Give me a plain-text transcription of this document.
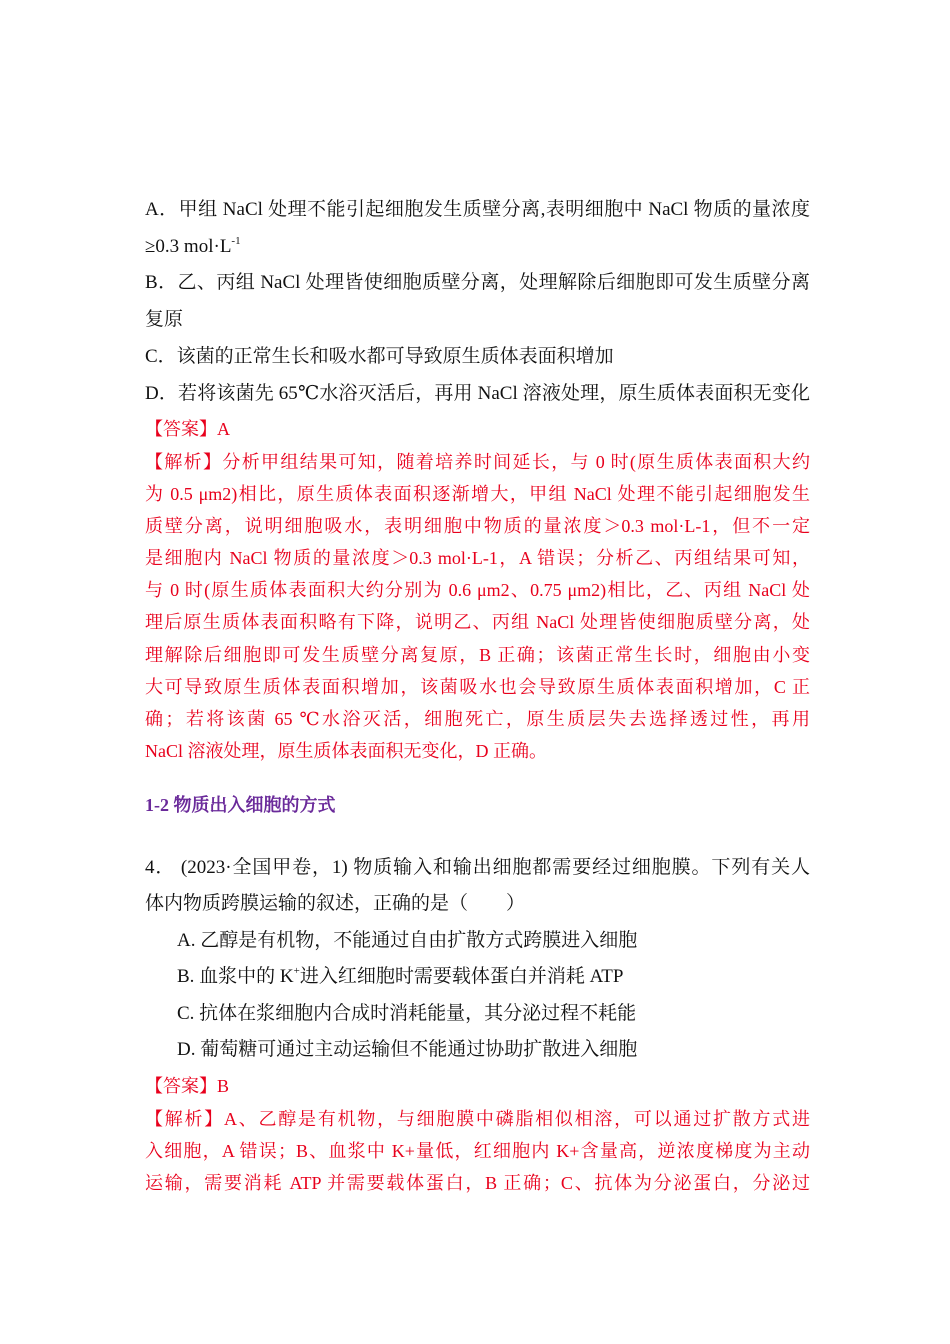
A．甲组 NaCl 处理不能引起细胞发生质壁分离,表明细胞中 NaCl 物质的量浓度
≥0.3 $mol\cdot L^{-1}$
B．乙、丙组 NaCl 处理皆使细胞质壁分离，处理解除后细胞即可发生质壁分离
复原
C．该菌的正常生长和吸水都可导致原生质体表面积增加
D．若将该菌先 65℃水浴灭活后，再用 NaCl 溶液处理，原生质体表面积无变化
【答案】A
【解析】分析甲组结果可知，随着培养时间延长，与 0 时(原生质体表面积大约
为 0.5 μm2)相比，原生质体表面积逐渐增大，甲组 NaCl 处理不能引起细胞发生
质壁分离，说明细胞吸水，表明细胞中物质的量浓度＞0.3 mol·L-1，但不一定
是细胞内 NaCl 物质的量浓度＞0.3 mol·L-1，A 错误；分析乙、丙组结果可知，
与 0 时(原生质体表面积大约分别为 0.6 μm2、0.75 μm2)相比，乙、丙组 NaCl 处
理后原生质体表面积略有下降，说明乙、丙组 NaCl 处理皆使细胞质壁分离，处
理解除后细胞即可发生质壁分离复原，B 正确；该菌正常生长时，细胞由小变
大可导致原生质体表面积增加，该菌吸水也会导致原生质体表面积增加，C 正
确；若将该菌 65 ℃水浴灭活，细胞死亡，原生质层失去选择透过性，再用
NaCl 溶液处理，原生质体表面积无变化，D 正确。
1-2 物质出入细胞的方式
4． (2023·全国甲卷，1) 物质输入和输出细胞都需要经过细胞膜。下列有关人
体内物质跨膜运输的叙述，正确的是（　　）
A. 乙醇是有机物，不能通过自由扩散方式跨膜进入细胞
B. 血浆中的 K+进入红细胞时需要载体蛋白并消耗 ATP
C. 抗体在浆细胞内合成时消耗能量，其分泌过程不耗能
D. 葡萄糖可通过主动运输但不能通过协助扩散进入细胞
【答案】B
【解析】A、乙醇是有机物，与细胞膜中磷脂相似相溶，可以通过扩散方式进
入细胞，A 错误；B、血浆中 K+量低，红细胞内 K+含量高，逆浓度梯度为主动
运输，需要消耗 ATP 并需要载体蛋白，B 正确；C、抗体为分泌蛋白，分泌过
